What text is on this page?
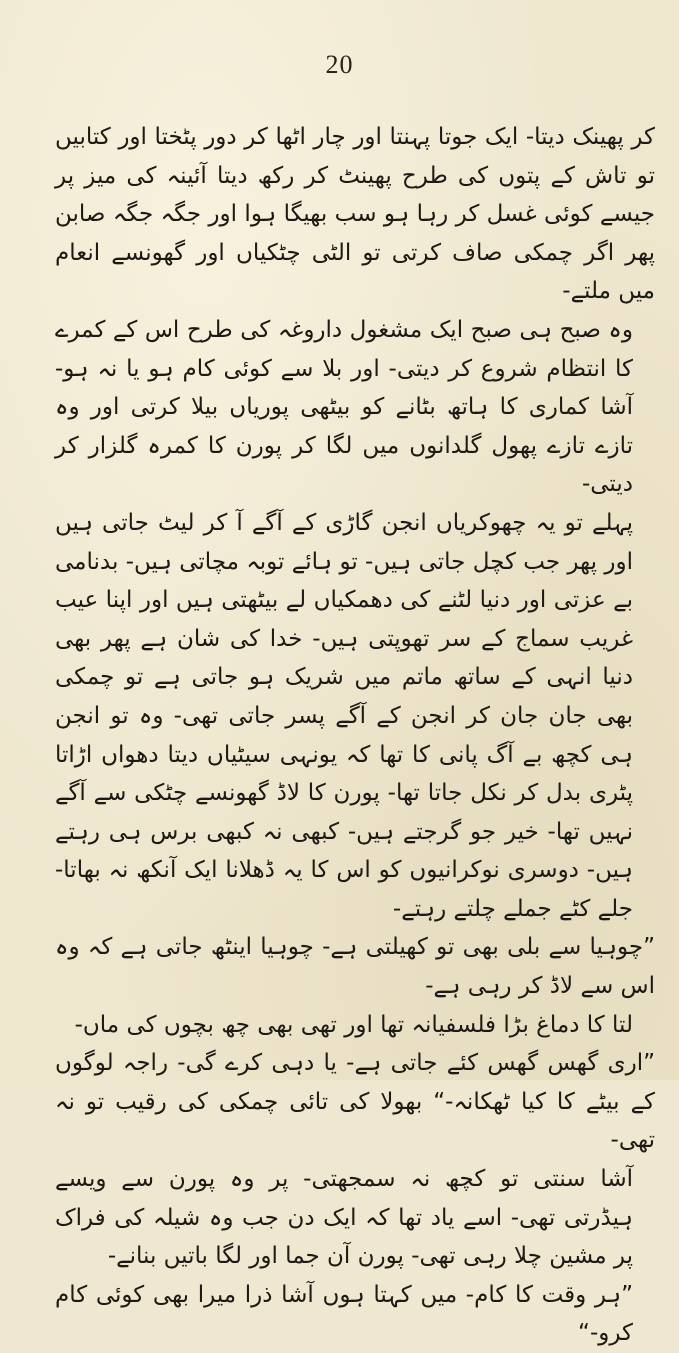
20

کر پھینک دیتا- ایک جوتا پہنتا اور چار اٹھا کر دور پٹختا اور کتابیں تو تاش کے پتوں کی طرح پھینٹ کر رکھ دیتا آئینہ کی میز پر جیسے کوئی غسل کر رہا ہو سب بھیگا ہوا اور جگہ جگہ صابن پھر اگر چمکی صاف کرتی تو الٹی چٹکیاں اور گھونسے انعام میں ملتے-

وہ صبح ہی صبح ایک مشغول داروغہ کی طرح اس کے کمرے کا انتظام شروع کر دیتی- اور بلا سے کوئی کام ہو یا نہ ہو- آشا کماری کا ہاتھ بٹانے کو بیٹھی پوریاں بیلا کرتی اور وہ تازے تازے پھول گلدانوں میں لگا کر پورن کا کمرہ گلزار کر دیتی-

پہلے تو یہ چھوکریاں انجن گاڑی کے آگے آ کر لیٹ جاتی ہیں اور پھر جب کچل جاتی ہیں- تو ہائے توبہ مچاتی ہیں- بدنامی بے عزتی اور دنیا لٹنے کی دھمکیاں لے بیٹھتی ہیں اور اپنا عیب غریب سماج کے سر تھوپتی ہیں- خدا کی شان ہے پھر بھی دنیا انہی کے ساتھ ماتم میں شریک ہو جاتی ہے تو چمکی بھی جان جان کر انجن کے آگے پسر جاتی تھی- وہ تو انجن ہی کچھ بے آگ پانی کا تھا کہ یونہی سیٹیاں دیتا دھواں اڑاتا پٹری بدل کر نکل جاتا تھا- پورن کا لاڈ گھونسے چٹکی سے آگے نہیں تھا- خیر جو گرجتے ہیں- کبھی نہ کبھی برس ہی رہتے ہیں- دوسری نوکرانیوں کو اس کا یہ ڈھلانا ایک آنکھ نہ بھاتا- جلے کٹے جملے چلتے رہتے-

”چوہیا سے بلی بھی تو کھیلتی ہے- چوہیا اینٹھ جاتی ہے کہ وہ اس سے لاڈ کر رہی ہے-

لتا کا دماغ بڑا فلسفیانہ تھا اور تھی بھی چھ بچوں کی ماں-

”اری گھس گھس کئے جاتی ہے- یا دہی کرے گی- راجہ لوگوں کے بیٹے کا کیا ٹھکانہ-“ بھولا کی تائی چمکی کی رقیب تو نہ تھی-

آشا سنتی تو کچھ نہ سمجھتی- پر وہ پورن سے ویسے ہیڈرتی تھی- اسے یاد تھا کہ ایک دن جب وہ شیلہ کی فراک پر مشین چلا رہی تھی- پورن آن جما اور لگا باتیں بنانے-

”ہر وقت کا کام- میں کہتا ہوں آشا ذرا میرا بھی کوئی کام کرو-“
